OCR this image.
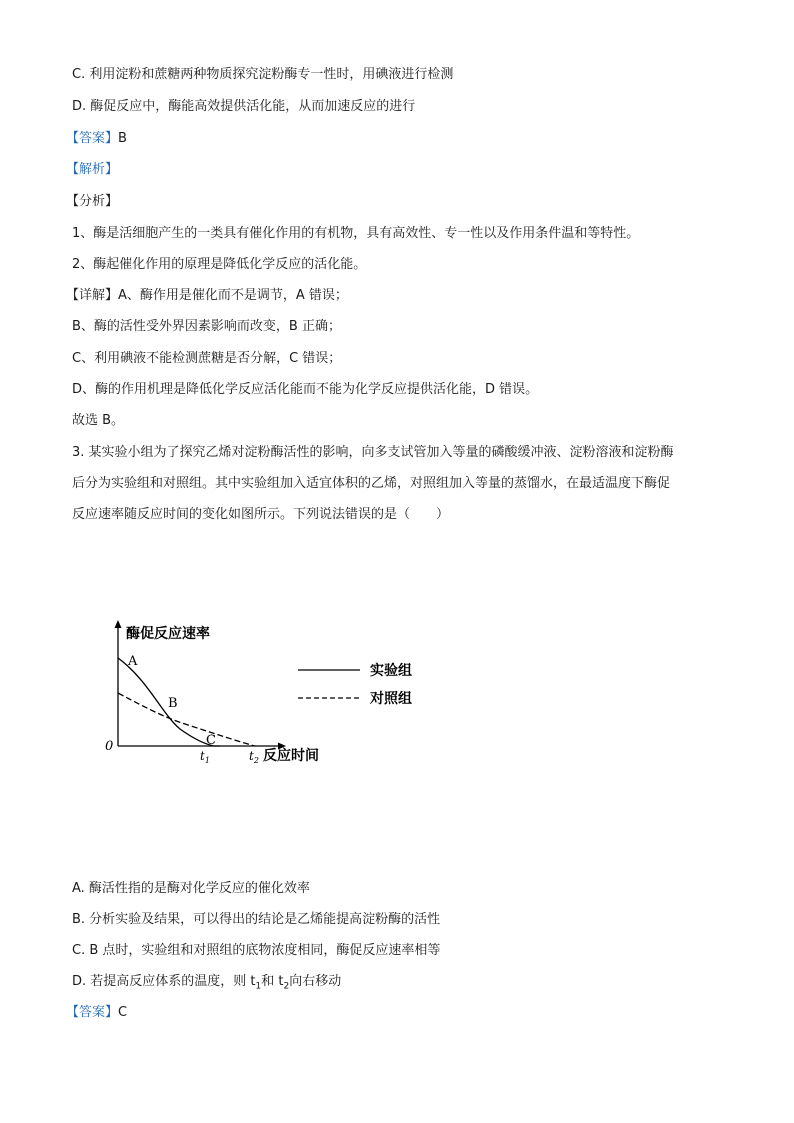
C. 利用淀粉和蔗糖两种物质探究淀粉酶专一性时，用碘液进行检测
D. 酶促反应中，酶能高效提供活化能，从而加速反应的进行
【答案】B
【解析】
【分析】
1、酶是活细胞产生的一类具有催化作用的有机物，具有高效性、专一性以及作用条件温和等特性。
2、酶起催化作用的原理是降低化学反应的活化能。
【详解】A、酶作用是催化而不是调节，A 错误；
B、酶的活性受外界因素影响而改变，B 正确；
C、利用碘液不能检测蔗糖是否分解，C 错误；
D、酶的作用机理是降低化学反应活化能而不能为化学反应提供活化能，D 错误。
故选 B。
3. 某实验小组为了探究乙烯对淀粉酶活性的影响，向多支试管加入等量的磷酸缓冲液、淀粉溶液和淀粉酶
后分为实验组和对照组。其中实验组加入适宜体积的乙烯，对照组加入等量的蒸馏水，在最适温度下酶促
反应速率随反应时间的变化如图所示。下列说法错误的是（　　）
酶促反应速率
0
A
B
C
$t_1$	$t_2$ 反应时间
实验组
对照组
A. 酶活性指的是酶对化学反应的催化效率
B. 分析实验及结果，可以得出的结论是乙烯能提高淀粉酶的活性
C. B 点时，实验组和对照组的底物浓度相同，酶促反应速率相等
D. 若提高反应体系的温度，则 $t_1$和 $t_2$向右移动
【答案】C
